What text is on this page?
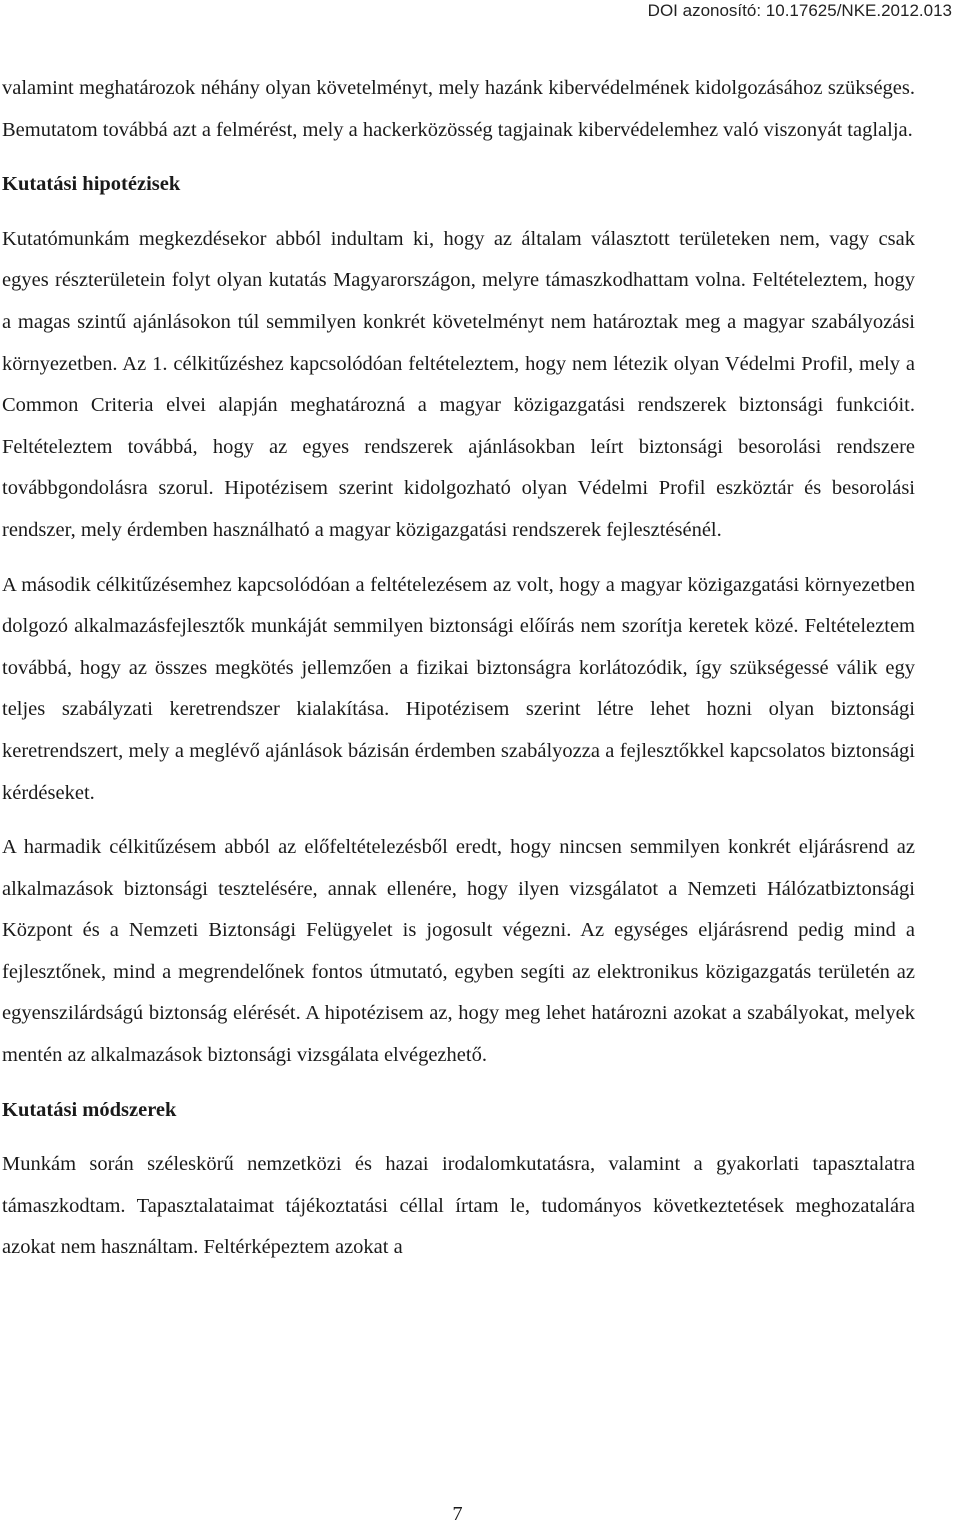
DOI azonosító: 10.17625/NKE.2012.013

valamint meghatározok néhány olyan követelményt, mely hazánk kibervédelmének kidolgozásához szükséges. Bemutatom továbbá azt a felmérést, mely a hackerközösség tagjainak kibervédelemhez való viszonyát taglalja.

Kutatási hipotézisek

Kutatómunkám megkezdésekor abból indultam ki, hogy az általam választott területeken nem, vagy csak egyes részterületein folyt olyan kutatás Magyarországon, melyre támaszkodhattam volna. Feltételeztem, hogy a magas szintű ajánlásokon túl semmilyen konkrét követelményt nem határoztak meg a magyar szabályozási környezetben. Az 1. célkitűzéshez kapcsolódóan feltételeztem, hogy nem létezik olyan Védelmi Profil, mely a Common Criteria elvei alapján meghatározná a magyar közigazgatási rendszerek biztonsági funkcióit. Feltételeztem továbbá, hogy az egyes rendszerek ajánlásokban leírt biztonsági besorolási rendszere továbbgondolásra szorul. Hipotézisem szerint kidolgozható olyan Védelmi Profil eszköztár és besorolási rendszer, mely érdemben használható a magyar közigazgatási rendszerek fejlesztésénél.

A második célkitűzésemhez kapcsolódóan a feltételezésem az volt, hogy a magyar közigazgatási környezetben dolgozó alkalmazásfejlesztők munkáját semmilyen biztonsági előírás nem szorítja keretek közé. Feltételeztem továbbá, hogy az összes megkötés jellemzően a fizikai biztonságra korlátozódik, így szükségessé válik egy teljes szabályzati keretrendszer kialakítása. Hipotézisem szerint létre lehet hozni olyan biztonsági keretrendszert, mely a meglévő ajánlások bázisán érdemben szabályozza a fejlesztőkkel kapcsolatos biztonsági kérdéseket.

A harmadik célkitűzésem abból az előfeltételezésből eredt, hogy nincsen semmilyen konkrét eljárásrend az alkalmazások biztonsági tesztelésére, annak ellenére, hogy ilyen vizsgálatot a Nemzeti Hálózatbiztonsági Központ és a Nemzeti Biztonsági Felügyelet is jogosult végezni. Az egységes eljárásrend pedig mind a fejlesztőnek, mind a megrendelőnek fontos útmutató, egyben segíti az elektronikus közigazgatás területén az egyenszilárdságú biztonság elérését. A hipotézisem az, hogy meg lehet határozni azokat a szabályokat, melyek mentén az alkalmazások biztonsági vizsgálata elvégezhető.

Kutatási módszerek

Munkám során széleskörű nemzetközi és hazai irodalomkutatásra, valamint a gyakorlati tapasztalatra támaszkodtam. Tapasztalataimat tájékoztatási céllal írtam le, tudományos következtetések meghozatalára azokat nem használtam. Feltérképeztem azokat a

7
